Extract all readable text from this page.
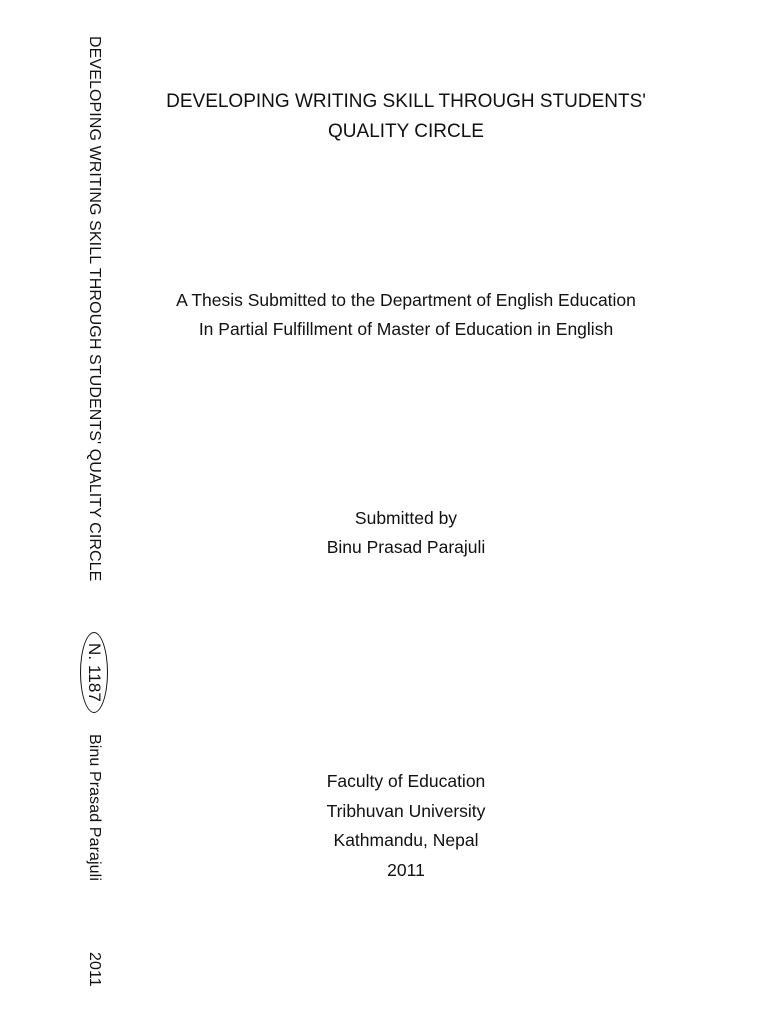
DEVELOPING WRITING SKILL THROUGH STUDENTS' QUALITY CIRCLE
N. 1187
Binu Prasad Parajuli
2011
DEVELOPING WRITING SKILL THROUGH STUDENTS'
QUALITY CIRCLE
A Thesis Submitted to the Department of English Education
In Partial Fulfillment of Master of Education in English
Submitted by
Binu Prasad Parajuli
Faculty of Education
Tribhuvan University
Kathmandu, Nepal
2011
